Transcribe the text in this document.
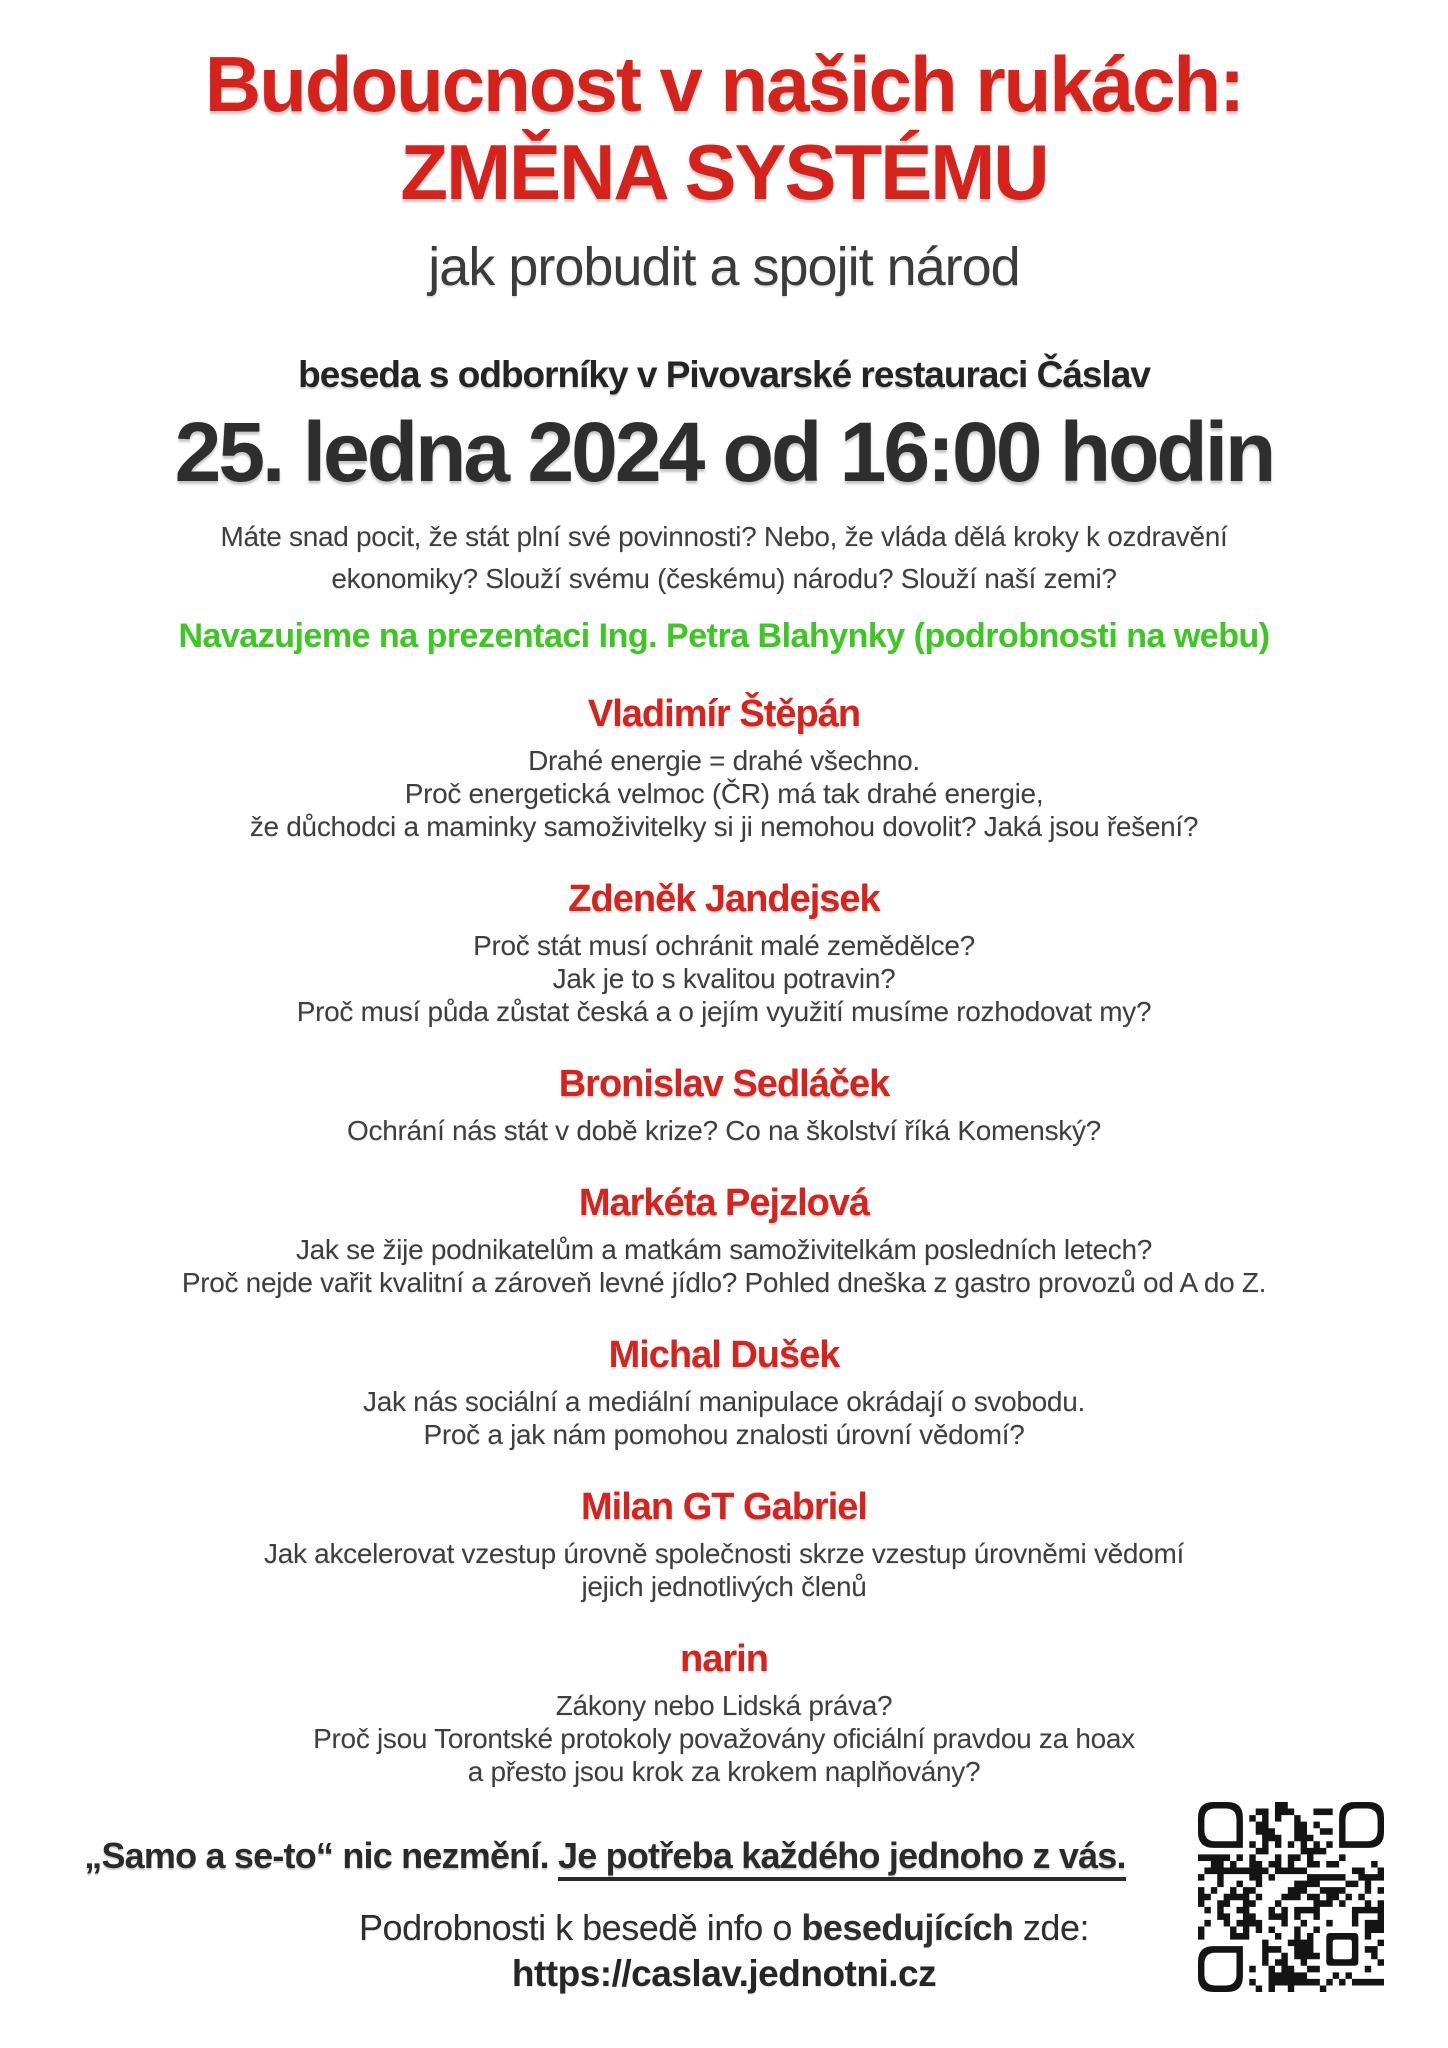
Budoucnost v našich rukách:
ZMĚNA SYSTÉMU
jak probudit a spojit národ
beseda s odborníky v Pivovarské restauraci Čáslav
25. ledna 2024 od 16:00 hodin
Máte snad pocit, že stát plní své povinnosti? Nebo, že vláda dělá kroky k ozdravění
ekonomiky? Slouží svému (českému) národu? Slouží naší zemi?
Navazujeme na prezentaci Ing. Petra Blahynky (podrobnosti na webu)
Vladimír Štěpán
Drahé energie = drahé všechno.
Proč energetická velmoc (ČR) má tak drahé energie,
že důchodci a maminky samoživitelky si ji nemohou dovolit? Jaká jsou řešení?
Zdeněk Jandejsek
Proč stát musí ochránit malé zemědělce?
Jak je to s kvalitou potravin?
Proč musí půda zůstat česká a o jejím využití musíme rozhodovat my?
Bronislav Sedláček
Ochrání nás stát v době krize? Co na školství říká Komenský?
Markéta Pejzlová
Jak se žije podnikatelům a matkám samoživitelkám posledních letech?
Proč nejde vařit kvalitní a zároveň levné jídlo? Pohled dneška z gastro provozů od A do Z.
Michal Dušek
Jak nás sociální a mediální manipulace okrádají o svobodu.
Proč a jak nám pomohou znalosti úrovní vědomí?
Milan GT Gabriel
Jak akcelerovat vzestup úrovně společnosti skrze vzestup úrovněmi vědomí
jejich jednotlivých členů
narin
Zákony nebo Lidská práva?
Proč jsou Torontské protokoly považovány oficiální pravdou za hoax
a přesto jsou krok za krokem naplňovány?
„Samo a se-to“ nic nezmění. Je potřeba každého jednoho z vás.
Podrobnosti k besedě info o besedujících zde:
https://caslav.jednotni.cz
